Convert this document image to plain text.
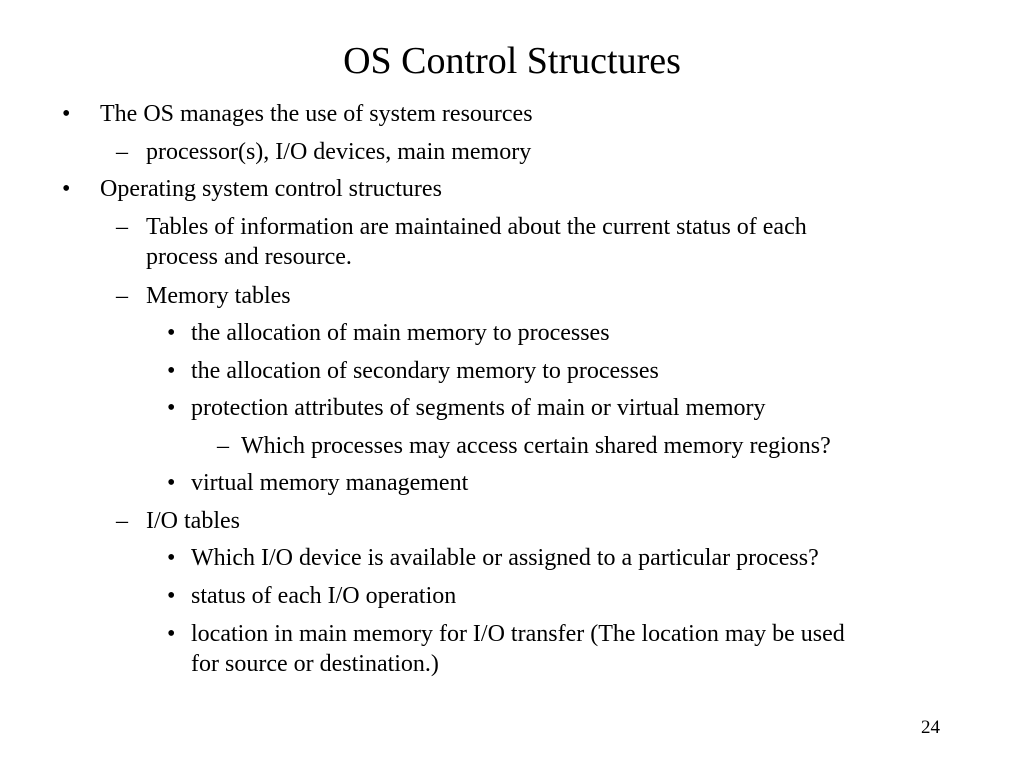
OS Control Structures
• The OS manages the use of system resources
– processor(s), I/O devices, main memory
• Operating system control structures
– Tables of information are maintained about the current status of each
process and resource.
– Memory tables
• the allocation of main memory to processes
• the allocation of secondary memory to processes
• protection attributes of segments of main or virtual memory
– Which processes may access certain shared memory regions?
• virtual memory management
– I/O tables
• Which I/O device is available or assigned to a particular process?
• status of each I/O operation
• location in main memory for I/O transfer (The location may be used
for source or destination.)
24
